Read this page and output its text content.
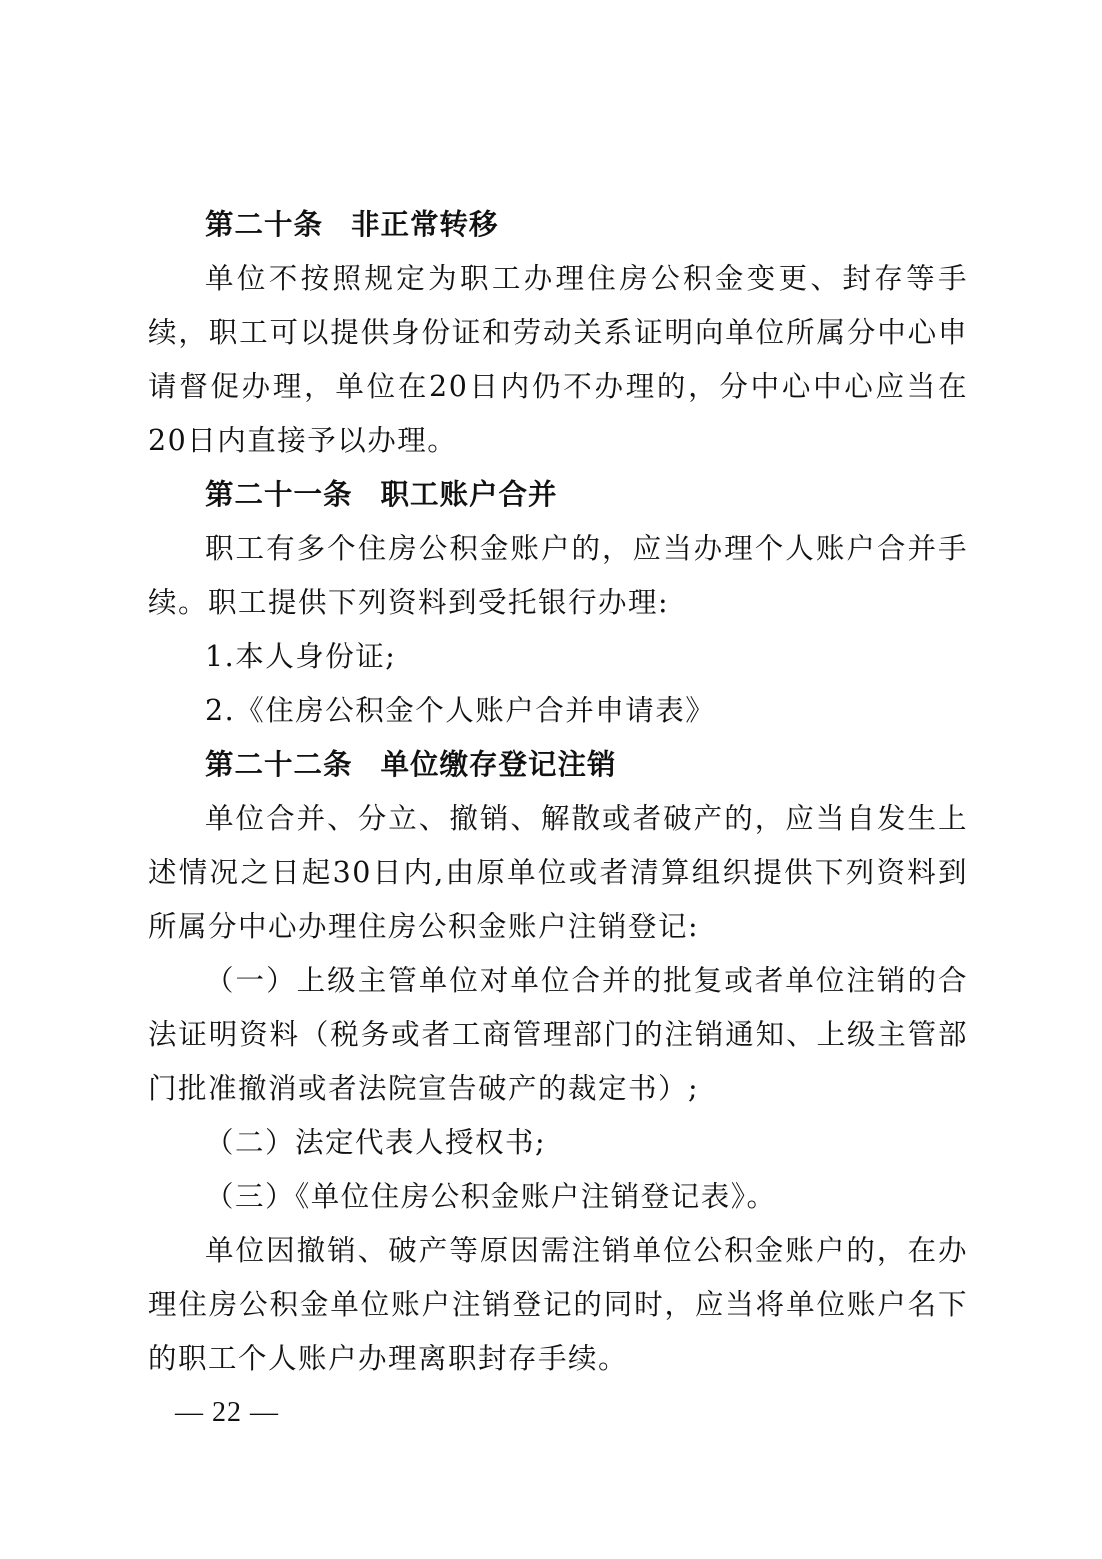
第二十条 非正常转移

单位不按照规定为职工办理住房公积金变更、封存等手续，职工可以提供身份证和劳动关系证明向单位所属分中心申请督促办理，单位在20日内仍不办理的，分中心中心应当在20日内直接予以办理。

第二十一条 职工账户合并

职工有多个住房公积金账户的，应当办理个人账户合并手续。职工提供下列资料到受托银行办理:

1.本人身份证;

2.《住房公积金个人账户合并申请表》

第二十二条 单位缴存登记注销

单位合并、分立、撤销、解散或者破产的，应当自发生上述情况之日起30日内,由原单位或者清算组织提供下列资料到所属分中心办理住房公积金账户注销登记:

（一）上级主管单位对单位合并的批复或者单位注销的合法证明资料（税务或者工商管理部门的注销通知、上级主管部门批准撤消或者法院宣告破产的裁定书）;

（二）法定代表人授权书;

（三）《单位住房公积金账户注销登记表》。

单位因撤销、破产等原因需注销单位公积金账户的，在办理住房公积金单位账户注销登记的同时，应当将单位账户名下的职工个人账户办理离职封存手续。

— 22 —
